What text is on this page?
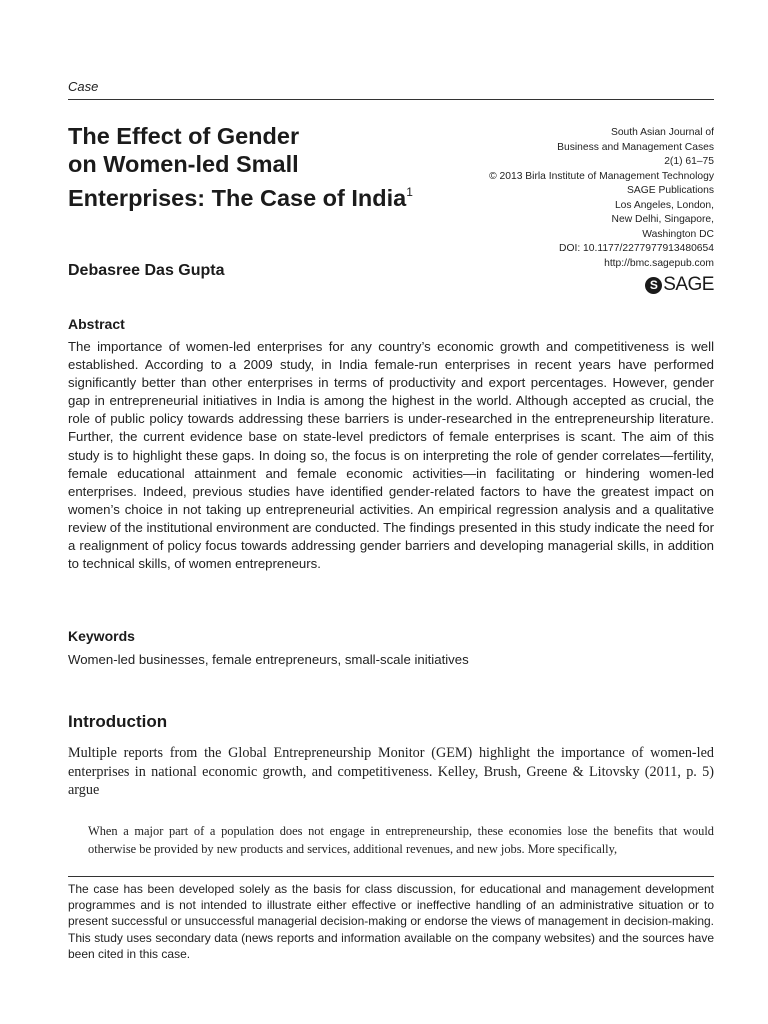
Case
The Effect of Gender
on Women-led Small
Enterprises: The Case of India$^1$
South Asian Journal of
Business and Management Cases
2(1) 61–75
© 2013 Birla Institute of Management Technology
SAGE Publications
Los Angeles, London,
New Delhi, Singapore,
Washington DC
DOI: 10.1177/2277977913480654
http://bmc.sagepub.com
S SAGE
Debasree Das Gupta
Abstract

The importance of women-led enterprises for any country’s economic growth and competitiveness is well established. According to a 2009 study, in India female-run enterprises in recent years have performed significantly better than other enterprises in terms of productivity and export percentages. However, gender gap in entrepreneurial initiatives in India is among the highest in the world. Although accepted as crucial, the role of public policy towards addressing these barriers is under-researched in the entrepreneurship literature. Further, the current evidence base on state-level predictors of female enterprises is scant. The aim of this study is to highlight these gaps. In doing so, the focus is on interpreting the role of gender correlates—fertility, female educational attainment and female economic activities—in facilitating or hindering women-led enterprises. Indeed, previous studies have identified gender-related factors to have the greatest impact on women’s choice in not taking up entrepreneurial activities. An empirical regression analysis and a qualitative review of the institutional environment are conducted. The findings presented in this study indicate the need for a realignment of policy focus towards addressing gender barriers and developing managerial skills, in addition to technical skills, of women entrepreneurs.

Keywords
Women-led businesses, female entrepreneurs, small-scale initiatives
Introduction

Multiple reports from the Global Entrepreneurship Monitor (GEM) highlight the importance of women-led enterprises in national economic growth, and competitiveness. Kelley, Brush, Greene & Litovsky (2011, p. 5) argue

When a major part of a population does not engage in entrepreneurship, these economies lose the benefits that would otherwise be provided by new products and services, additional revenues, and new jobs. More specifically,

The case has been developed solely as the basis for class discussion, for educational and management development programmes and is not intended to illustrate either effective or ineffective handling of an administrative situation or to present successful or unsuccessful managerial decision-making or endorse the views of management in decision-making. This study uses secondary data (news reports and information available on the company websites) and the sources have been cited in this case.
